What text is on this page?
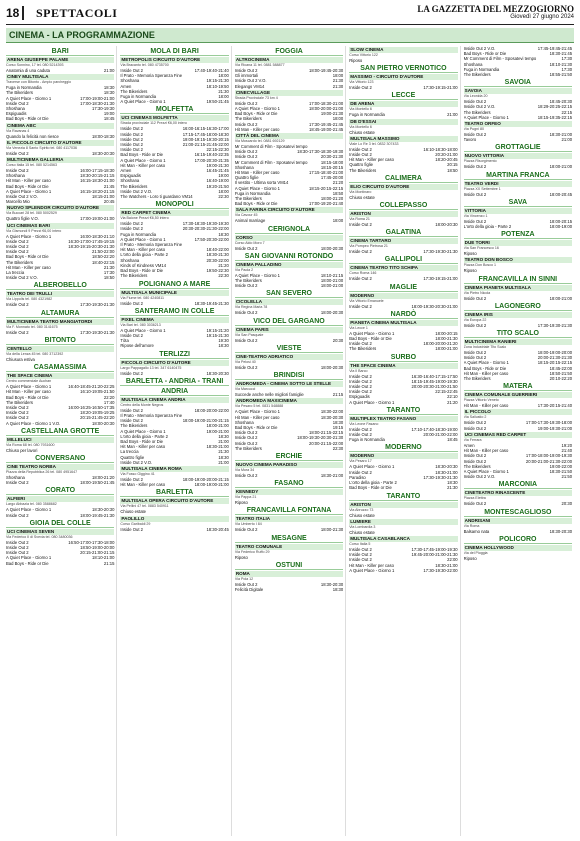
18	SPETTACOLI	LA GAZZETTA DEL MEZZOGIORNO
Giovedì 27 giugno 2024
CINEMA - LA PROGRAMMAZIONE
BARI
ARENA GIUSEPPE PALAME
Corso Sonnino, 17 tel. 080 5214393
Anatomia di una caduta	21:00
CINEY MULTISALA
Traverse con Bitonto - Ampio parcheggio
Fuga in Normandia	18:30
The Bikeriders	18:30
A Quiet Place - Giorno 1	17:00-19:00-21:00
Inside Out 2	17:00-18:30-21:30
Shoshana	17:30-19:30
Espiguadis	19:00
Bad Boys - Ride or Die	18:45
CINEMA ABC
Via Ravanas 4
Quando la felicità non riesce	18:00-18:30
IL PICCOLO CIRCUITO D'AUTORE
Via Venezia 8 Santo Spirito tel. 080 4117036
Inside Out 2	18:30-20:30
MULTICINEMA GALLERIA
Corso Italia 15 tel. 080 5214563
Inside Out 2	16:00-17:15-18:30
Shoshana	18:30-20:15-21:15
Hit Man - Killer per caso	16:15-18:30-21:00
Bad Boys - Ride or Die	21:45
A Quiet Place - Giorno 1	16:15-18:20-21:15
Inside Out 2 V.O.	18:15-21:00
Marcello Mio	20:45
NUOVO SPLENDOR CIRCUITO D'AUTORE
Via Buccari 28 tel. 080 5002529
Quattro figlie V.O.	17:00-19:00-21:00
UCI CINEMAS BARI
Via Gismondi 9 Prezzi €6,00 intero
A Quiet Place - Giorno 1	16:00-18:30-21:10
Inside Out 2	16:30-17:00-17:45-19:15
Inside Out 2	18:30-19:15-20:30-21:30
Inside Out 2	21:50-22:00
Bad Boys - Ride or Die	18:50-22:20
The Bikeriders	18:40-22:15
Hit Man - Killer per caso	21:30
La treccia	17:30
Inside Out 2 V.O.	18:50
ALBEROBELLO
TEATRO DEI TRULLI
Via Lippolis tel. 080 4321982
Inside Out 2	17:30-19:30-21:30
ALTAMURA
MULTICINEMA TEATRO MANGIATORDI
Via F. Monnato tel. 080 3141675
Inside Out 2	17:30-19:30-21:30
BITONTO
CENTELLO
Via della Lenza 45 tel. 080 3712392
Chiusura estiva
CASAMASSIMA
THE SPACE CINEMA
Centro commerciale Auchan
A Quiet Place - Giorno 1	16:40-18:45-21:20-22:25
Hit Man - Killer per caso	16:10-19:05-21:50
Bad Boys - Ride or Die	22:20
The Bikeriders	17:40
Inside Out 2	16:00-16:25-16:50-17:35
Inside Out 2	18:20-19:05-19:25
Inside Out 2	20:15-21:45-22:20
A Quiet Place - Giorno 1 V.O.	18:00-20:30
CASTELLANA GROTTE
MILLELUCI
Via Roma 68 tel. 080 7931600
Chiuso per lavori
CONVERSANO
CINE TEATRO NORBA
Piazza della Repubblica 26 tel. 080 4951647
Shoshana	18:00-21:20
Inside Out 2	18:00-19:50-21:45
CORATO
ALFIERI
Largo Abbazia tel. 080 3588682
A Quiet Place - Giorno 1	18:30-20:30
Inside Out 2	18:00-19:45-21:30
GIOIA DEL COLLE
UCI CINEMAS SEVEN
Via Federico II di Svevia tel. 080 3480036
Inside Out 2	16:50-17:00-17:30-18:00
Inside Out 2	18:50-19:00-20:00
Inside Out 2	20:15-21:00-21:15
A Quiet Place - Giorno 1	18:10-21:00
Bad Boys - Ride or Die	21:15
MOLA DI BARI
METROPOLIS CIRCUITO D'AUTORE
Via Bracanto tel. 080 4735700
Inside Out 2	17:40-19:40-21:40
Il Prato - Memoria Speranza Fine	18:00
Shoshana	19:15-21:30
Amen	18:10-19:50
The Bikeriders	21:30
Fuga in Normandia	18:00
A Quiet Place - Giorno 1	19:50-21:45
MOLFETTA
UCI CINEMAS MOLFETTA
Strada provinciale 112 Prezzi €6,00 intero
Inside Out 2	16:00-16:15-16:30-17:00
Inside Out 2	17:15-17:45-18:00-18:30
Inside Out 2	19:00-19:15-19:30-20:15
Inside Out 2	21:00-21:15-21:45-22:00
Inside Out 2	22:15-22:30
Bad Boys - Ride or Die	16:15-19:40-22:35
A Quiet Place - Giorno 1	17:00-20:30-21:35
Hit Man - Killer per caso	19:00-21:30
Amen	16:45-21:45
Espiguadis	19:00
Shoshana	16:40-19:00
The Bikeriders	19:20-21:50
Inside Out 2 V.O.	18:00
The Watchers - Loro ti guardano VM14	22:30
MONOPOLI
RED CARPET CINEMA
Via Baione Prezzi €6,50 intero
Inside Out 2	17:30-18:30-19:30-19:30
Inside Out 2	20:30-20:30-21:30-22:00
Fuga in Normandia	18:30
A Quiet Place - Giorno 1	17:50-20:30-22:00
Il Prato - Memoria Speranza Fine
Hit Man - Killer per caso	18:40-22:00
L'orto della gioia - Parte 2	18:30-21:30
Shoshana	20:30-22:00
Kinds of Kindness VM14	21:20
Bad Boys - Ride or Die	19:50-22:30
The Bikeriders	22:30
POLIGNANO A MARE
MULTISALA MUNICIPALE
Via Fiume tel. 080 4240811
Inside Out 2	18:30-19:45-21:30
SANTERAMO IN COLLE
PIXEL CINEMA
Via Bari tel. 080 3036213
A Quiet Place - Giorno 1	19:15-21:20
Inside Out 2	19:15-21:30
Tòta	19:30
Ripose dell'amore	18:30
TERLIZZI
PICCOLO CIRCUITO D'AUTORE
Largo Pappagallo 13 tel. 347 6140475
Inside Out 2	18:30-20:30
BARLETTA - ANDRIA - TRANI
ANDRIA
MULTISALA CINEMA ANDRIA
Centro della Monte Negros
Inside Out 2	18:00-20:00-22:00
Il Prato - Memoria Speranza Fine
Inside Out 2	18:00-19:00-21:00-21:15
The Bikeriders	18:00-21:00
A Quiet Place - Giorno 1	19:00-21:00
L'orto della gioia - Parte 2	18:30
Bad Boys - Ride or Die	21:00
Hit Man - Killer per caso	18:30-21:00
La treccia	21:30
Quattro figlie	18:30
Inside Out 2 V.O.	21:00
MULTISALA CINEMA ROMA
Via Fosso Giggino 41
Inside Out 2	18:00-19:00-20:00-21:15
Hit Man - Killer per caso	18:00-19:00-21:00
BARLETTA
MULTISALA OPERA CIRCUITO D'AUTORE
Via Pellini 47 tel. 0883 540911
Chiuso estate
PAOLILLO
Corso Garibaldi 29
Inside Out 2	18:30-20:45
FOGGIA
ALTROCINEMA
Via Ricana 11 tel. 0881 588877
Inside Out 2	18:00-19:45-20:30
Gli immortali	18:00
Inside Out 2 V.O.	21:30
Elegangs VM14	21:30
CINECVILLAGE
Strada Provinciale 73 km 4
Inside Out 2	17:00-18:30-21:00
A Quiet Place - Giorno 1	18:00-20:00-21:00
Bad Boys - Ride or Die	19:00-21:30
The Bikeriders	18:00
Inside Out 2	17:30-19:45-21:45
Hit Man - Killer per caso	18:45-19:00-21:45
CITTÀ DEL CINEMA
Via Moscardo tel. 0881 692129
Mr Comment di Film - Sposatevi tempo
Inside Out 2	18:30-17:30-18:30-19:30
Inside Out 2	20:30-21:30
Mr Comment di Film - Sposatevi tempo	18:15-18:00
Shoshana	18:15-20:15
Hit Man - Killer per caso	17:15-18:40-21:00
Quattro figlie	17:45-20:00
Il vestito - Ultima sorta VM14	21:20
A Quiet Place - Giorno 1	18:15-20:15-22:15
Fuga in Normandia	18:50
The Bikeriders	18:00-21:20
Bad Boys - Ride or Die	17:00-19:20-21:40
SALA FARINA CIRCUITO D'AUTORE
Via Cavour 45
Animal marriage	18:00
CERIGNOLA
CORSO
Corso Aldo Moro 7
Inside Out 2	18:00-20:30
SAN GIOVANNI ROTONDO
CINEMA PALLADINO
Via Paola 2
A Quiet Place - Giorno 1	18:10-21:15
The Bikeriders	18:00-21:00
Inside Out 2	18:00-21:00
SAN SEVERO
CICOLELLA
Via Regina Maria 78
Inside Out 2	18:00-20:30
VICO DEL GARGANO
CINEMA PARIS
Via San Pasquale
Inside Out 2	20:30
VIESTE
CINE-TEATRO ADRIATICO
Via Pelosi 40
Inside Out 2	18:00-20:30
BRINDISI
ANDROMEDA - CINEMA SOTTO LE STELLE
Via Marcucci
Succede anche nelle migliori famiglie	21:15
ANDROMEDA MAXICINEMA
Via Pesaro 5 tel. 0831 548888
A Quiet Place - Giorno 1	18:30-22:00
Hit Man - Killer per caso	18:30-20:30
Shoshana	18:30
Bad Boys - Ride or Die	19:15
Inside Out 2	18:00-21:15-22:15
Inside Out 2	18:00-19:30-20:30-21:30
Inside Out 2	20:00-21:15-22:00
The Bikeriders	22:30
ERCHIE
NUOVO CINEMA PARADISO
Via Mura 34
Inside Out 2	18:30-21:00
FASANO
KENNEDY
Via Pappa 21
Riposo
FRANCAVILLA FONTANA
TEATRO ITALIA
Via Umberto I 84
Inside Out 2	18:00-21:30
MESAGNE
TEATRO COMUNALE
Via Federico Ruffo 29
Riposo
OSTUNI
ROMA
Via Pola 12
Inside Out 2	18:30-20:30
Felicità Digitale	18:30
SLOW CINEMA
Corso Vittorio 122
Riposo
SAN PIETRO VERNOTICO
MASSIMO - CIRCUITO D'AUTORE
Via Vittorio 123
Inside Out 2	17:30-19:15-21:00
LECCE
DB ARENA
Via Montello 6
Fuga in Normandia	21:00
DB D'ESSAI
Via Montello 6
Chiuso estate
MULTISALA MASSIMO
Viale Lo Re 3 tel. 0832 307433
Inside Out 2	16:10-18:30-18:00
Inside Out 2	20:20-21:00
Hit Man - Killer per caso	18:20-20:45
Quattro figlie	20:15
The Bikeriders	18:50
CALIMERA
ELIO CIRCUITO D'AUTORE
Via Montinaro
Chiuso estate
COLLEPASSO
ARISTON
Via Roma 21
Inside Out 2	18:00-20:30
GALATINA
CINEMA TARTARO
Via Pompeo Pietrosa 21
Inside Out 2	17:30-19:30-21:30
GALLIPOLI
CINEMA TEATRO TITO SCHIPA
Corso Roma 146
Inside Out 2	17:30-19:15-21:00
MAGLIE
MODERNO
Via Vittorio Emanuele
Inside Out 2	18:00-19:30-20:30-21:00
NARDÒ
PIANETA CINEMA MULTISALA
Via Lecce 1
A Quiet Place - Giorno 1	18:00-20:15
Bad Boys - Ride or Die	18:00-21:30
Inside Out 2	18:00-20:00-21:20
The Bikeriders	18:00-21:00
SURBO
THE SPACE CINEMA
Via Il Barco
Inside Out 2	16:30-16:40-17:15-17:50
Inside Out 2	18:15-19:45-19:00-19:30
Inside Out 2	20:00-20:30-21:00-21:50
Inside Out 2	22:15-22:45
Espiguadis	22:10
A Quiet Place - Giorno 1	21:20
TARANTO
MULTIPLEX TEATRO FASANO
Via Leone Fasano
Inside Out 2	17:10-17:40-18:30-19:00
Inside Out 2	20:00-21:00-22:00
Fuga in Normandia	18:45
MODERNO
MODERNO
Via Pesaro 17
A Quiet Place - Giorno 1	18:30-20:30
Inside Out 2	18:30-21:00
Paradiso	17:30-19:30-21:30
L'orto della gioia - Parte 2	18:30
Bad Boys - Ride or Die	21:30
TARANTO
ARISTON
Via Abruzzo 73
Chiuso estate
LUMIERE
Via Lombardia 3
Chiuso estate
MULTISALA CASABLANCA
Corso Italia 5
Inside Out 2	17:30-17:45-19:00-19:30
Inside Out 2	19:45-20:00-21:00-21:30
Inside Out 2	22:00
Hit Man - Killer per caso	18:30-21:00
A Quiet Place - Giorno 1	17:30-19:30-22:00
Inside Out 2 V.O.	17:45-19:45-21:45
Bad Boys - Ride or Die	18:30-21:45
Mr Comment di Film - Sposatevi tempo	17:30
Shoshana	18:10-21:30
Fuga in Normandia	17:30
The Bikeriders	18:55-21:50
SAVOIA
SAVOIA
Via Leonida 20
Inside Out 2	18:45-20:30
Inside Out 2 V.O.	18:29-20:25-22:15
The Bikeriders	22:15
A Quiet Place - Giorno 1	18:15-19:35-22:15
TEATRO ORFEO
Via Pugni 80
Inside Out 2	18:30-21:00
Tavoro	21:00
GROTTAGLIE
NUOVO VITTORIA
Piazza Risorgimento
Inside Out 2	18:00-21:00
MARTINA FRANCA
TEATRO VERDI
Piazza XX Settembre 1
Inside Out 2	18:00-20:45
SAVA
VITTORIA
Via Vincenzo 1
Inside Out 2	18:00-20:15
L'orto della gioia - Parte 2	18:00-19:00
POTENZA
DUE TORRI
Via San Francesco 16
Riposo
TEATRO DON BOSCO
Piazza Don Bosco 1
Riposo
FRANCAVILLA IN SINNI
CINEMA PIANETA MULTISALA
Via Pietro Nicola
Inside Out 2	18:00-21:00
LAGONEGRO
CINEMA IRIS
Via Europa 22
Inside Out 2	17:30-19:30-21:30
TITO SCALO
MULTICINEMA RANIERI
Zona Industriale Tito Scalo
Inside Out 2	18:00-19:00-20:00
Inside Out 2	20:00-21:30-21:30
A Quiet Place - Giorno 1	18:15-20:15-22:15
Bad Boys - Ride or Die	18:45-22:00
Hit Man - Killer per caso	18:50-21:50
The Bikeriders	20:10-22:20
MATERA
CINEMA COMUNALE GUERRIERI
Piazza Vittorio Veneto
Hit Man - Killer per caso	17:30-20:15-21:40
IL PICCOLO
Via Sallustio 2
Inside Out 2	17:00-17:30-19:30-18:00
Inside Out 2	19:00-19:30-21:00
UCI CINEMAS RED CARPET
Via Ferrara
Amen	19:20
Hit Man - Killer per caso	21:40
Inside Out 2	17:00-18:00-19:00-19:30
Inside Out 2	20:00-21:00-21:30-22:00
The Bikeriders	19:00-22:00
A Quiet Place - Giorno 1	18:30-21:50
Inside Out 2 V.O.	21:50
MARCONIA
CINETEATRO RINASCENTE
Piazza Elettra
Inside Out 2	20:30
MONTESCAGLIOSO
ANDRISANI
Via Roma
Balsamo nata	18:30-20:30
POLICORO
CINEMA HOLLYWOOD
Via del Pioggia
Riposo
